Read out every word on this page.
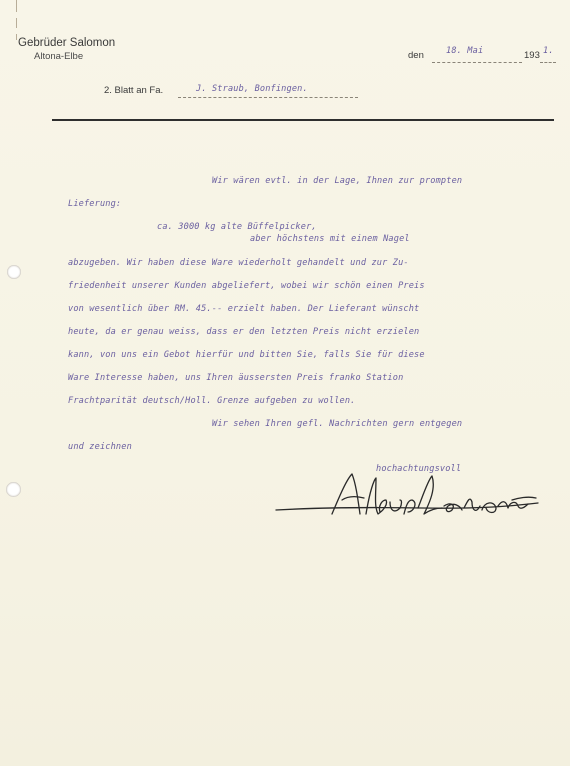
Gebrüder Salomon
Altona-Elbe	den	18. Mai	193 1.
2. Blatt an Fa.	J. Straub, Bonfingen.
Wir wären evtl. in der Lage, Ihnen zur prompten
Lieferung:
ca. 3000 kg alte Büffelpicker,
aber höchstens mit einem Nagel
abzugeben. Wir haben diese Ware wiederholt gehandelt und zur Zu-
friedenheit unserer Kunden abgeliefert, wobei wir schön einen Preis
von wesentlich über RM. 45.-- erzielt haben. Der Lieferant wünscht
heute, da er genau weiss, dass er den letzten Preis nicht erzielen
kann, von uns ein Gebot hierfür und bitten Sie, falls Sie für diese
Ware Interesse haben, uns Ihren äussersten Preis franko Station
Frachtparität deutsch/Holl. Grenze aufgeben zu wollen.
Wir sehen Ihren gefl. Nachrichten gern entgegen
und zeichnen
hochachtungsvoll
